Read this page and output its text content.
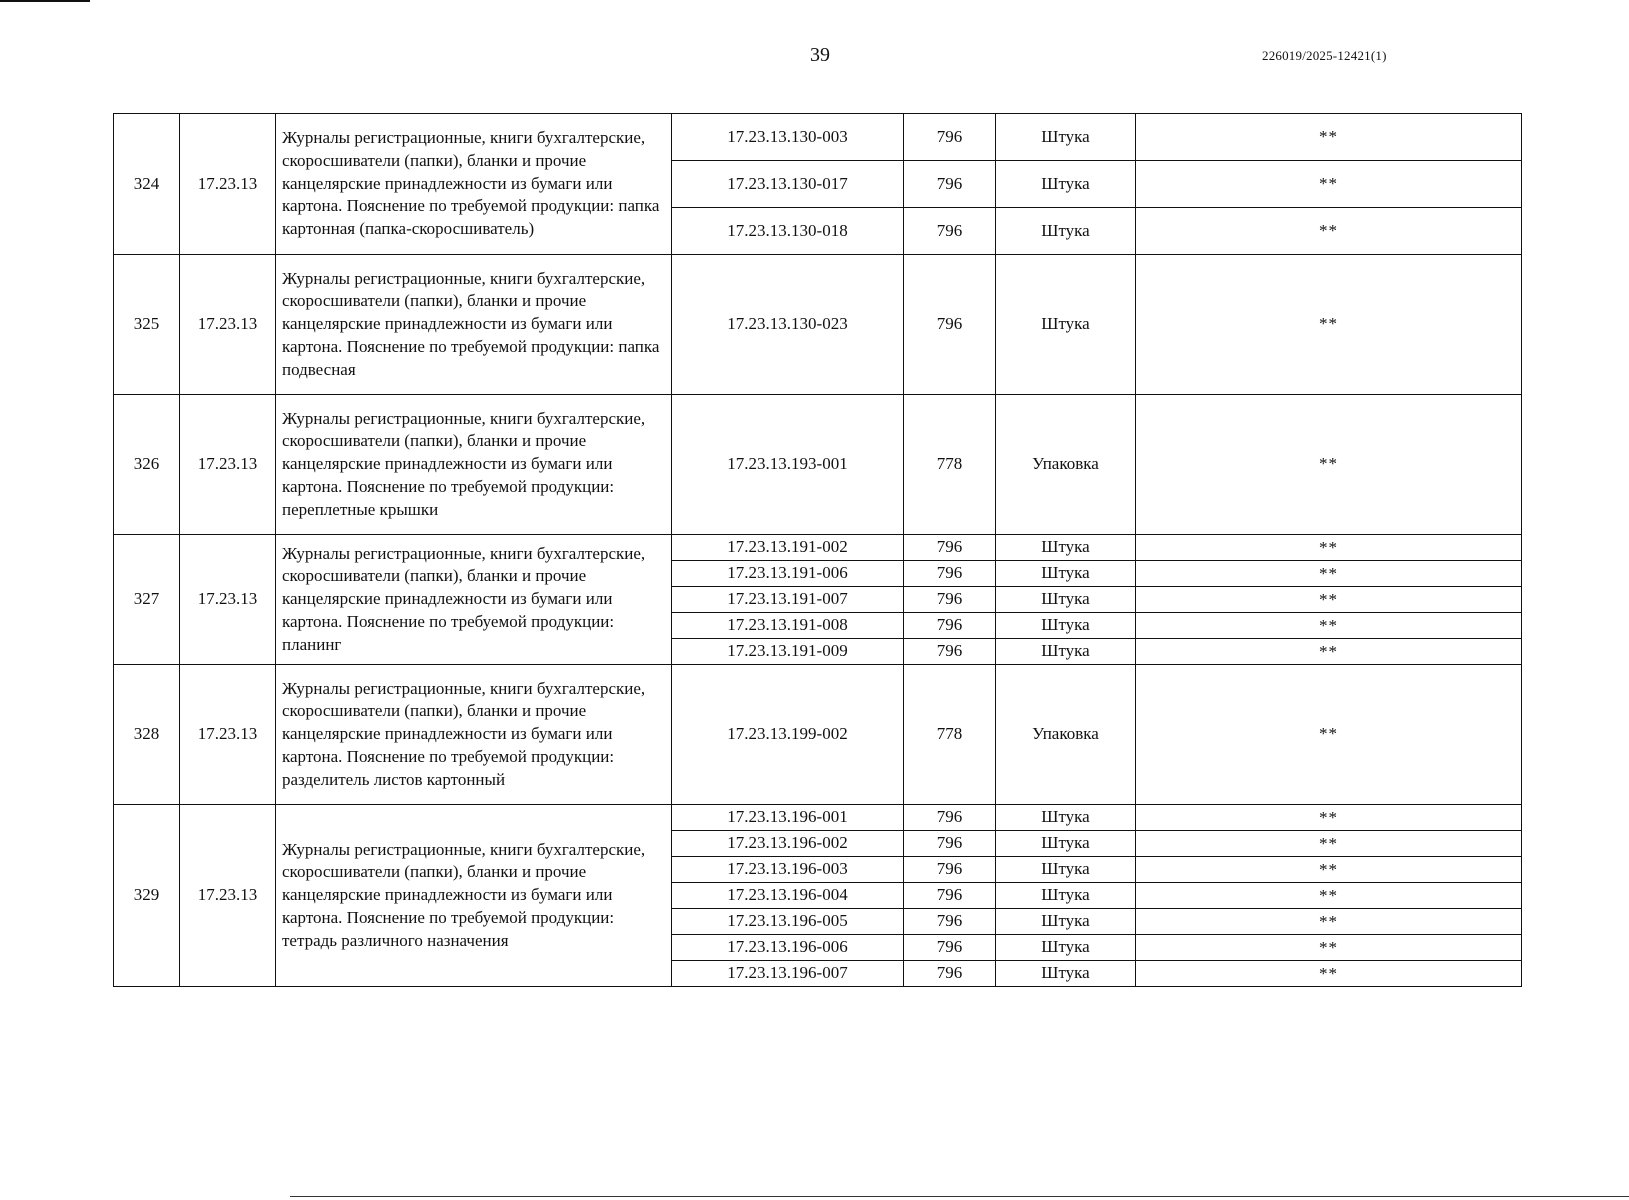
39	226019/2025-12421(1)
324	17.23.13	Журналы регистрационные, книги бухгалтерские, скоросшиватели (папки), бланки и прочие канцелярские принадлежности из бумаги или картона. Пояснение по требуемой продукции: папка картонная (папка-скоросшиватель)	17.23.13.130-003	796	Штука	**
			17.23.13.130-017	796	Штука	**
			17.23.13.130-018	796	Штука	**
325	17.23.13	Журналы регистрационные, книги бухгалтерские, скоросшиватели (папки), бланки и прочие канцелярские принадлежности из бумаги или картона. Пояснение по требуемой продукции: папка подвесная	17.23.13.130-023	796	Штука	**
326	17.23.13	Журналы регистрационные, книги бухгалтерские, скоросшиватели (папки), бланки и прочие канцелярские принадлежности из бумаги или картона. Пояснение по требуемой продукции: переплетные крышки	17.23.13.193-001	778	Упаковка	**
327	17.23.13	Журналы регистрационные, книги бухгалтерские, скоросшиватели (папки), бланки и прочие канцелярские принадлежности из бумаги или картона. Пояснение по требуемой продукции: планинг	17.23.13.191-002	796	Штука	**
			17.23.13.191-006	796	Штука	**
			17.23.13.191-007	796	Штука	**
			17.23.13.191-008	796	Штука	**
			17.23.13.191-009	796	Штука	**
328	17.23.13	Журналы регистрационные, книги бухгалтерские, скоросшиватели (папки), бланки и прочие канцелярские принадлежности из бумаги или картона. Пояснение по требуемой продукции: разделитель листов картонный	17.23.13.199-002	778	Упаковка	**
329	17.23.13	Журналы регистрационные, книги бухгалтерские, скоросшиватели (папки), бланки и прочие канцелярские принадлежности из бумаги или картона. Пояснение по требуемой продукции: тетрадь различного назначения	17.23.13.196-001	796	Штука	**
			17.23.13.196-002	796	Штука	**
			17.23.13.196-003	796	Штука	**
			17.23.13.196-004	796	Штука	**
			17.23.13.196-005	796	Штука	**
			17.23.13.196-006	796	Штука	**
			17.23.13.196-007	796	Штука	**
